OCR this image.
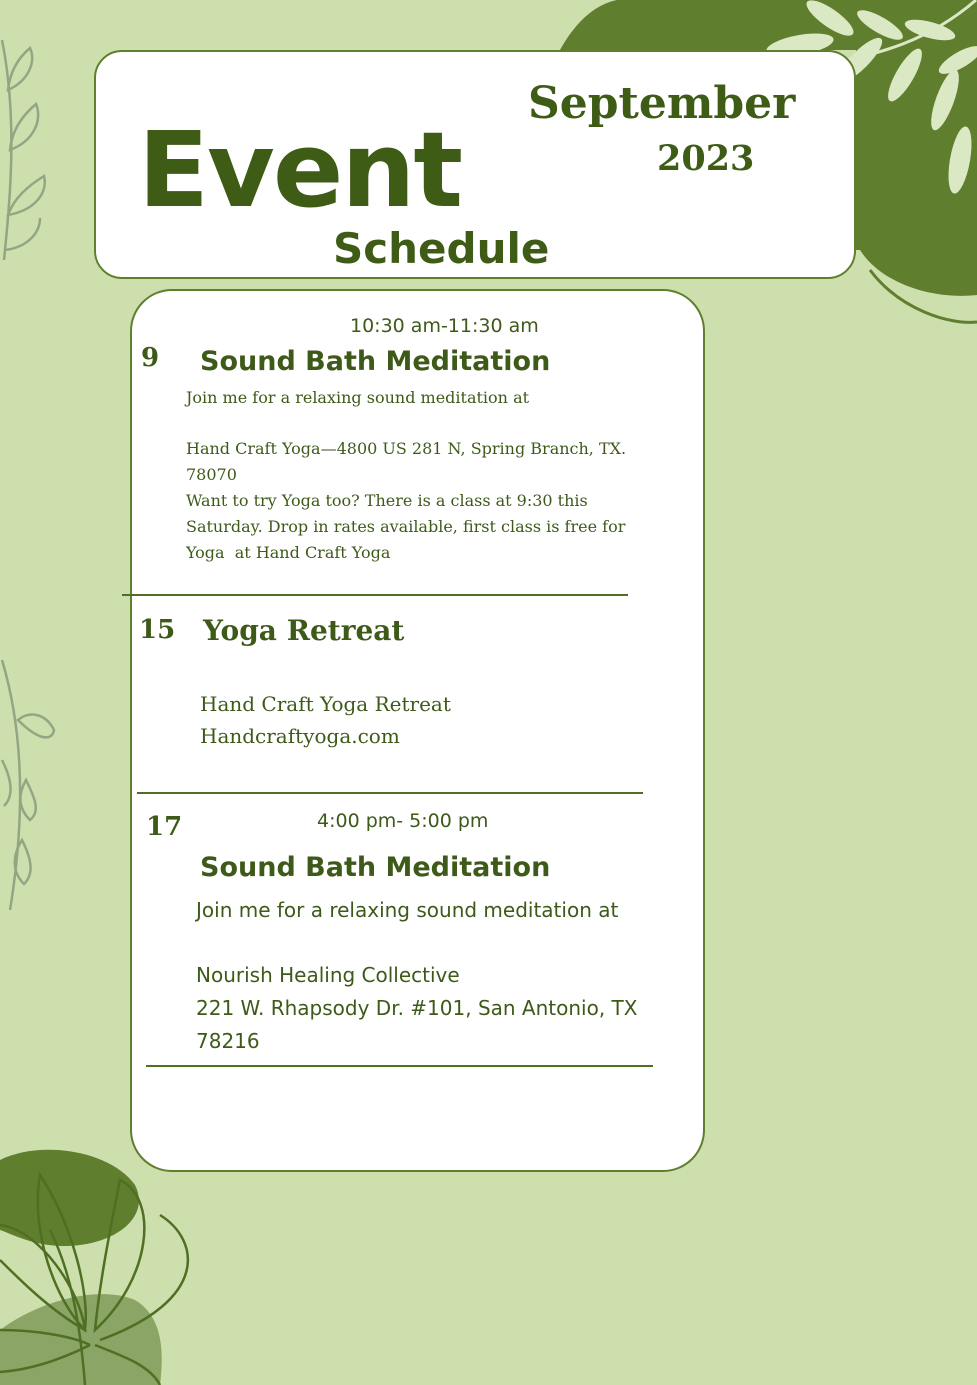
Event
Schedule
September
2023
9
10:30 am-11:30 am
Sound Bath Meditation
Join me for a relaxing sound meditation at
Hand Craft Yoga—4800 US 281 N, Spring Branch, TX.
78070
Want to try Yoga too? There is a class at 9:30 this
Saturday. Drop in rates available, first class is free for
Yoga  at Hand Craft Yoga
15 Yoga Retreat
Hand Craft Yoga Retreat
Handcraftyoga.com
17	4:00 pm- 5:00 pm
Sound Bath Meditation
Join me for a relaxing sound meditation at
Nourish Healing Collective
221 W. Rhapsody Dr. #101, San Antonio, TX
78216
